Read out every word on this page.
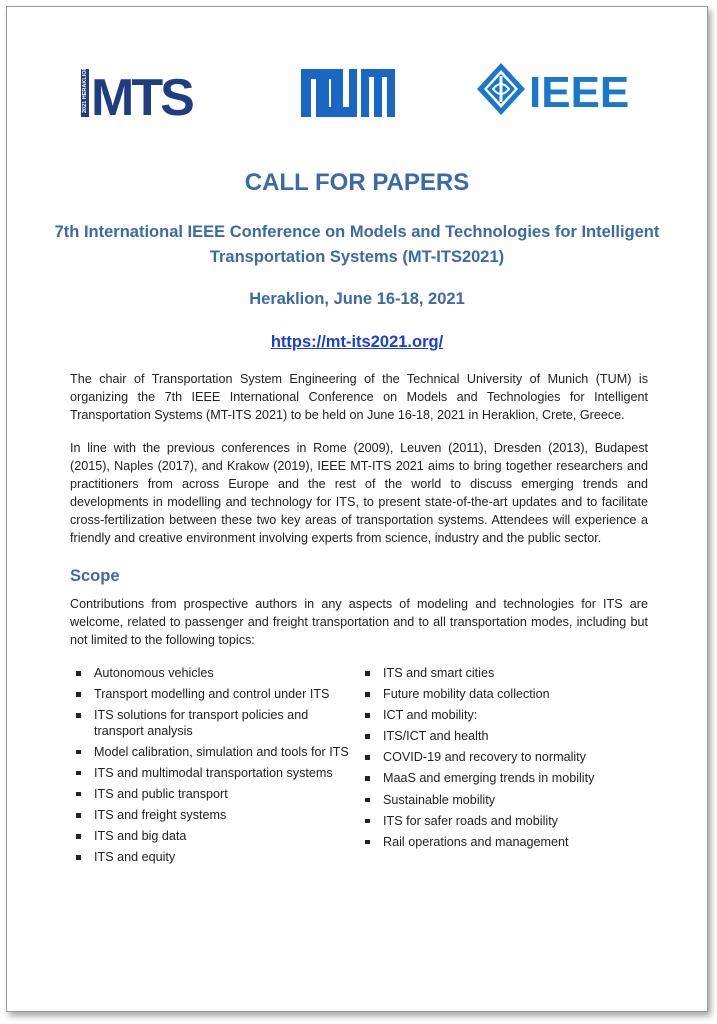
2021 HERAKLION MTS
TUM
IEEE
CALL FOR PAPERS
7th International IEEE Conference on Models and Technologies for Intelligent Transportation Systems (MT-ITS2021)
Heraklion, June 16-18, 2021
https://mt-its2021.org/

The chair of Transportation System Engineering of the Technical University of Munich (TUM) is organizing the 7th IEEE International Conference on Models and Technologies for Intelligent Transportation Systems (MT-ITS 2021) to be held on June 16-18, 2021 in Heraklion, Crete, Greece.

In line with the previous conferences in Rome (2009), Leuven (2011), Dresden (2013), Budapest (2015), Naples (2017), and Krakow (2019), IEEE MT-ITS 2021 aims to bring together researchers and practitioners from across Europe and the rest of the world to discuss emerging trends and developments in modelling and technology for ITS, to present state-of-the-art updates and to facilitate cross-fertilization between these two key areas of transportation systems. Attendees will experience a friendly and creative environment involving experts from science, industry and the public sector.

Scope

Contributions from prospective authors in any aspects of modeling and technologies for ITS are welcome, related to passenger and freight transportation and to all transportation modes, including but not limited to the following topics:

Autonomous vehicles
Transport modelling and control under ITS
ITS solutions for transport policies and transport analysis
Model calibration, simulation and tools for ITS
ITS and multimodal transportation systems
ITS and public transport
ITS and freight systems
ITS and big data
ITS and equity
ITS and smart cities
Future mobility data collection
ICT and mobility:
ITS/ICT and health
COVID-19 and recovery to normality
MaaS and emerging trends in mobility
Sustainable mobility
ITS for safer roads and mobility
Rail operations and management
